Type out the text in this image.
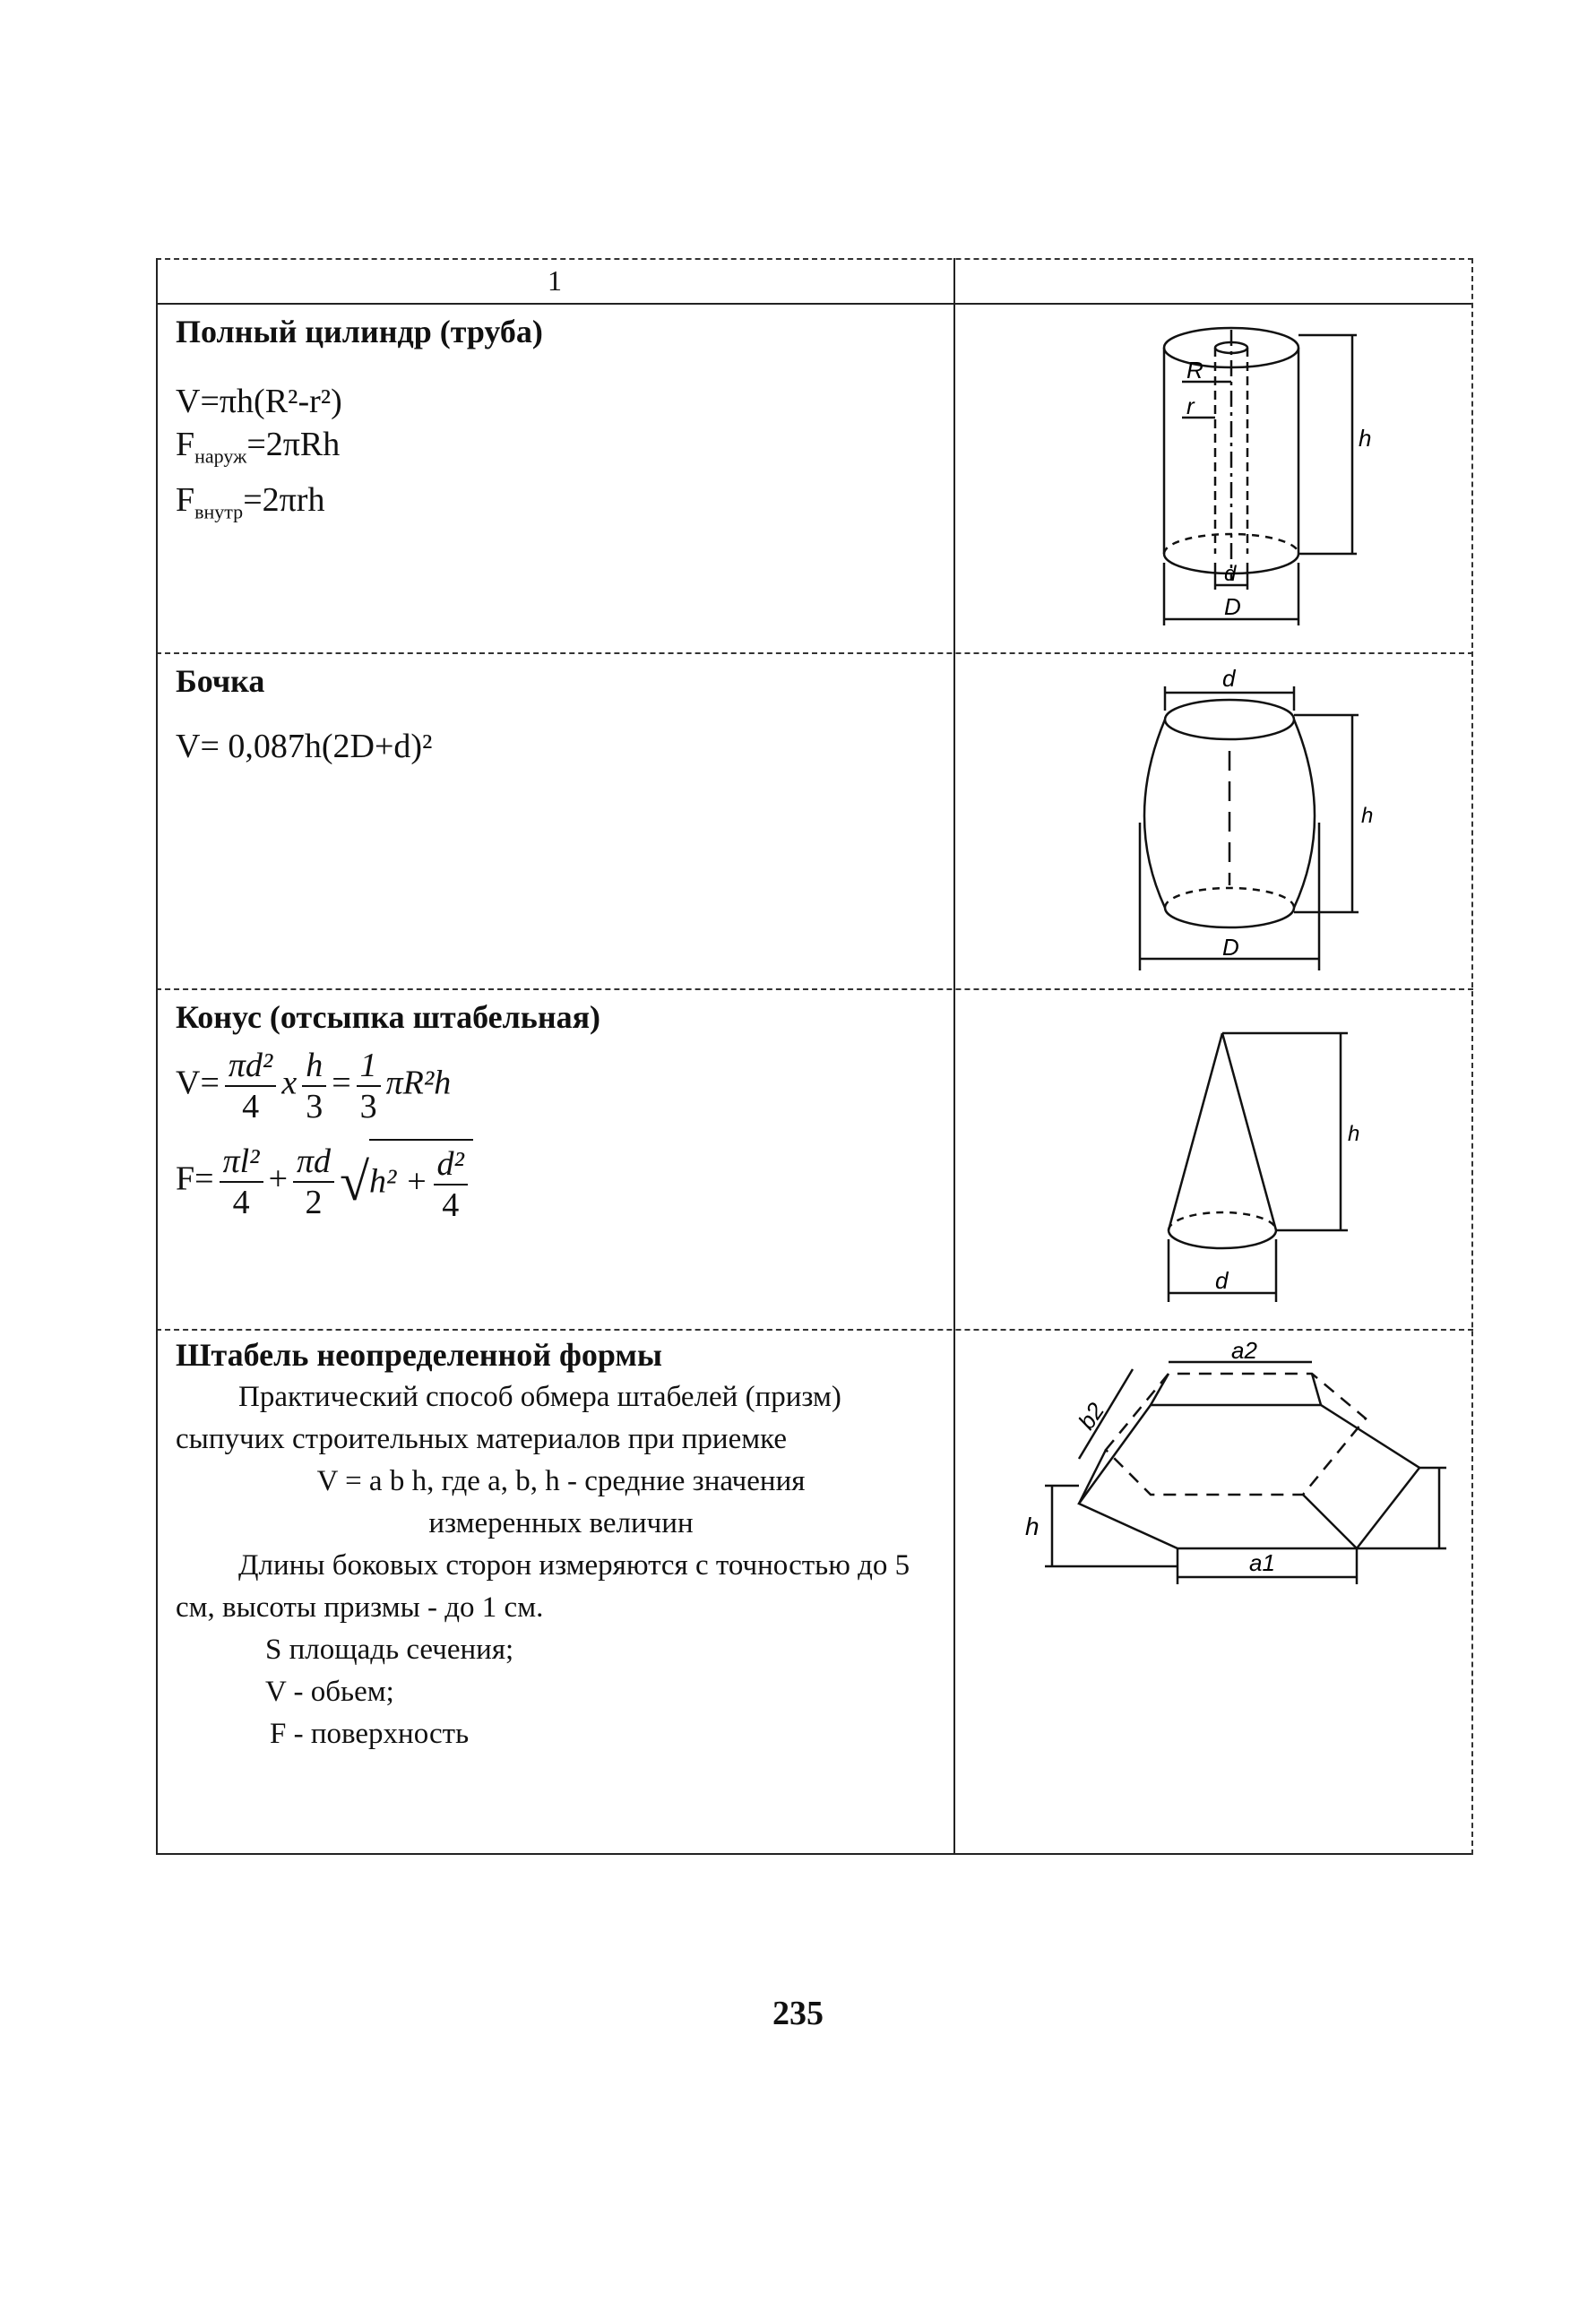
1
Полный цилиндр (труба)
V=πh(R²-r²)
$F_{наруж}=2\pi Rh$
$F_{внутр}=2\pi rh$
R
r
h
d
D
Бочка
V= 0,087h(2D+d)²
d
h
D
Конус (отсыпка штабельная)
$V= \frac{\text{πd²}}{4}$ x $\frac{h}{3} = \frac{1}{3} \pi R^2h$
$F= \frac{\text{πl²}}{4} + \frac{\pi d}{2} √h^2 + \frac{\text{d²}}{4}$
h
d
Штабель неопределенной формы
Практический способ обмера штабелей (призм) сыпучих строительных материалов при приемке
V = a b h, где a, b, h - средние значения
измеренных величин
Длины боковых сторон измеряются с точностью до 5 см, высоты призмы - до 1 см.
S площадь сечения;
V - обьем;
F - поверхность
a2
b2
h
a1
235
